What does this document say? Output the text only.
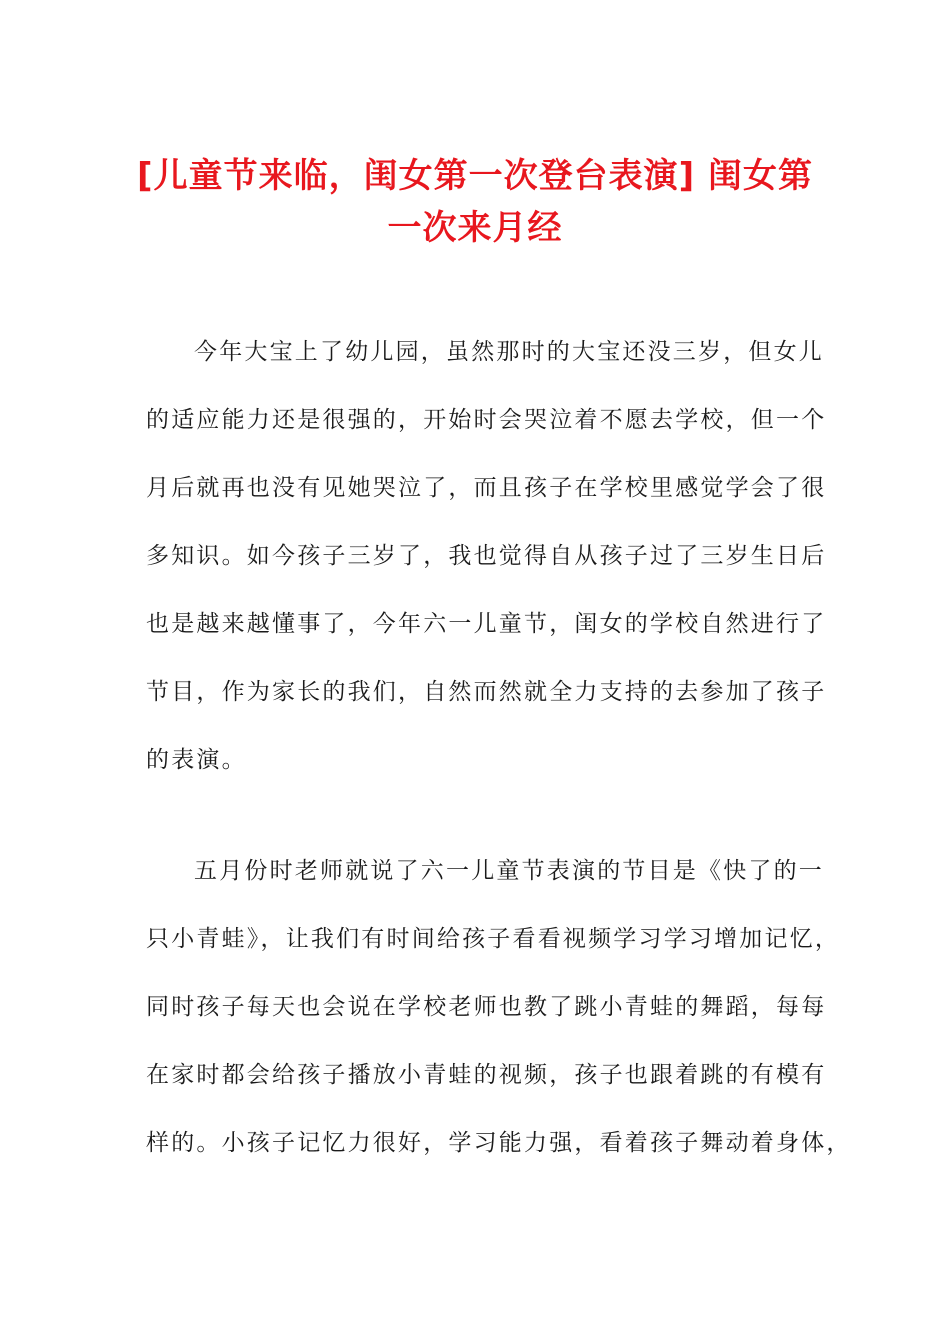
[儿童节来临，闺女第一次登台表演] 闺女第
一次来月经
今年大宝上了幼儿园，虽然那时的大宝还没三岁，但女儿
的适应能力还是很强的，开始时会哭泣着不愿去学校，但一个
月后就再也没有见她哭泣了，而且孩子在学校里感觉学会了很
多知识。如今孩子三岁了，我也觉得自从孩子过了三岁生日后
也是越来越懂事了，今年六一儿童节，闺女的学校自然进行了
节目，作为家长的我们，自然而然就全力支持的去参加了孩子
的表演。
五月份时老师就说了六一儿童节表演的节目是《快了的一
只小青蛙》，让我们有时间给孩子看看视频学习学习增加记忆，
同时孩子每天也会说在学校老师也教了跳小青蛙的舞蹈，每每
在家时都会给孩子播放小青蛙的视频，孩子也跟着跳的有模有
样的。小孩子记忆力很好，学习能力强，看着孩子舞动着身体，
